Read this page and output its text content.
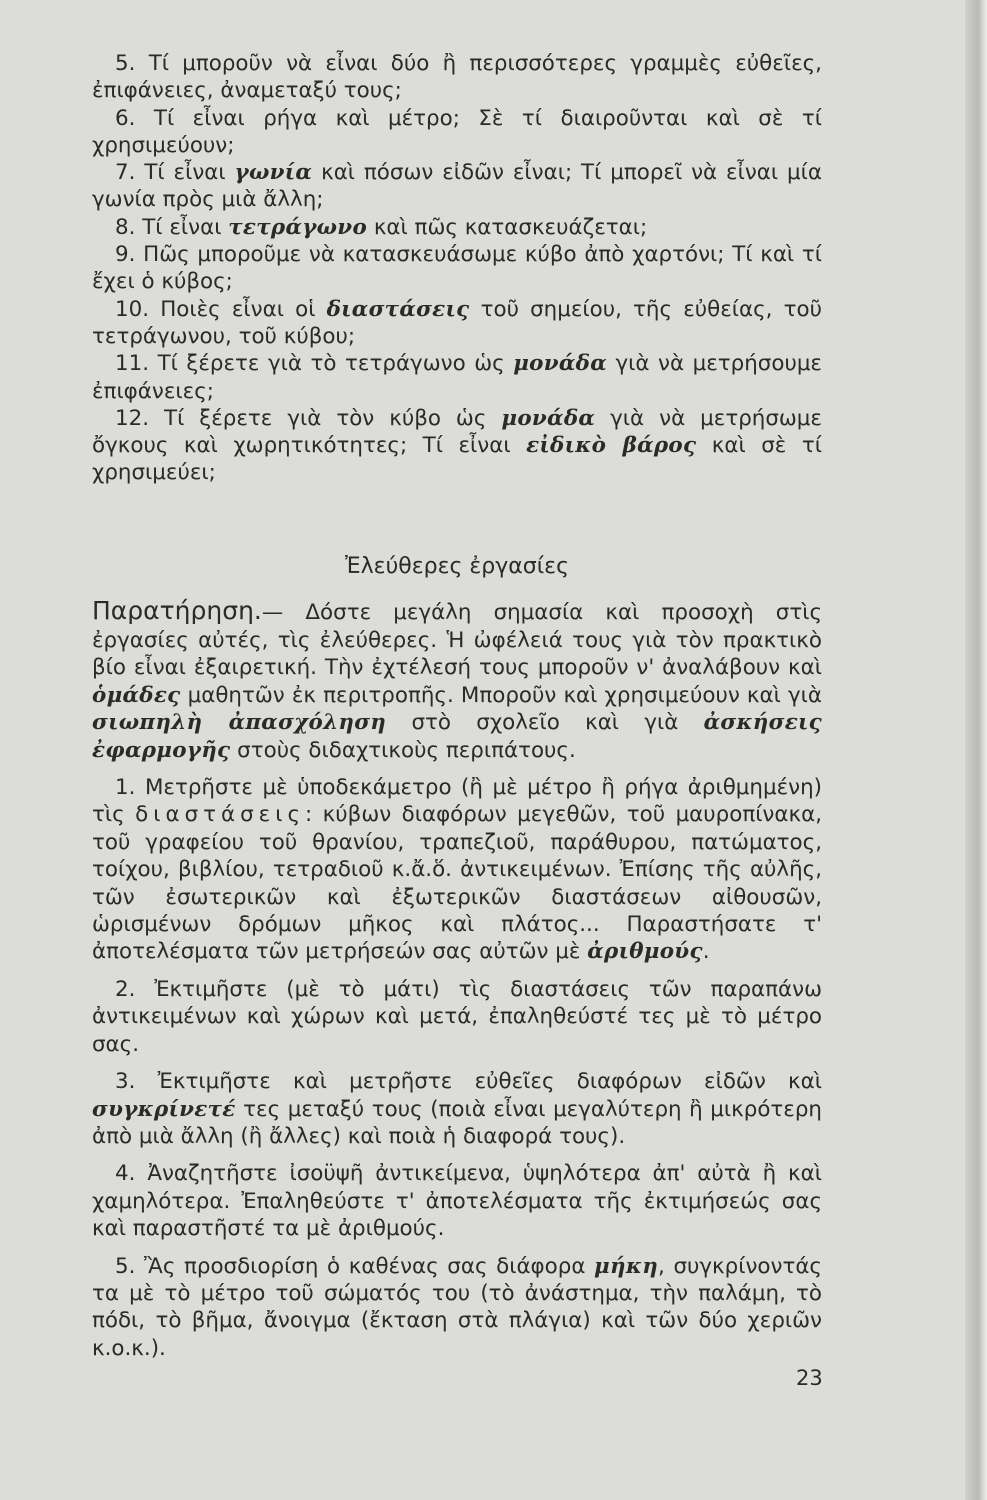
5. Τί μποροῦν νὰ εἶναι δύο ἢ περισσότερες γραμμὲς εὐθεῖες, ἐπιφάνειες, ἀναμεταξύ τους;

6. Τί εἶναι ρήγα καὶ μέτρο; Σὲ τί διαιροῦνται καὶ σὲ τί χρησιμεύουν;

7. Τί εἶναι γωνία καὶ πόσων εἰδῶν εἶναι; Τί μπορεῖ νὰ εἶναι μία γωνία πρὸς μιὰ ἄλλη;

8. Τί εἶναι τετράγωνο καὶ πῶς κατασκευάζεται;

9. Πῶς μποροῦμε νὰ κατασκευάσωμε κύβο ἀπὸ χαρτόνι; Τί καὶ τί ἔχει ὁ κύβος;

10. Ποιὲς εἶναι οἱ διαστάσεις τοῦ σημείου, τῆς εὐθείας, τοῦ τετράγωνου, τοῦ κύβου;

11. Τί ξέρετε γιὰ τὸ τετράγωνο ὡς μονάδα γιὰ νὰ μετρήσουμε ἐπιφάνειες;

12. Τί ξέρετε γιὰ τὸν κύβο ὡς μονάδα γιὰ νὰ μετρήσωμε ὄγκους καὶ χωρητικότητες; Τί εἶναι εἰδικὸ βάρος καὶ σὲ τί χρησιμεύει;

Ἐλεύθερες ἐργασίες

Παρατήρηση.— Δόστε μεγάλη σημασία καὶ προσοχὴ στὶς ἐργασίες αὐτές, τὶς ἐλεύθερες. Ἡ ὠφέλειά τους γιὰ τὸν πρακτικὸ βίο εἶναι ἐξαιρετική. Τὴν ἐχτέλεσή τους μποροῦν ν' ἀναλάβουν καὶ ὁμάδες μαθητῶν ἐκ περιτροπῆς. Μποροῦν καὶ χρησιμεύουν καὶ γιὰ σιωπηλὴ ἀπασχόληση στὸ σχολεῖο καὶ γιὰ ἀσκήσεις ἐφαρμογῆς στοὺς διδαχτικοὺς περιπάτους.

1. Μετρῆστε μὲ ὑποδεκάμετρο (ἢ μὲ μέτρο ἢ ρήγα ἀριθμημένη) τὶς διαστάσεις: κύβων διαφόρων μεγεθῶν, τοῦ μαυροπίνακα, τοῦ γραφείου τοῦ θρανίου, τραπεζιοῦ, παράθυρου, πατώματος, τοίχου, βιβλίου, τετραδιοῦ κ.ἄ.ὅ. ἀντικειμένων. Ἐπίσης τῆς αὐλῆς, τῶν ἐσωτερικῶν καὶ ἐξωτερικῶν διαστάσεων αἰθουσῶν, ὡρισμένων δρόμων μῆκος καὶ πλάτος... Παραστήσατε τ' ἀποτελέσματα τῶν μετρήσεών σας αὐτῶν μὲ ἀριθμούς.

2. Ἐκτιμῆστε (μὲ τὸ μάτι) τὶς διαστάσεις τῶν παραπάνω ἀντικειμένων καὶ χώρων καὶ μετά, ἐπαληθεύστέ τες μὲ τὸ μέτρο σας.

3. Ἐκτιμῆστε καὶ μετρῆστε εὐθεῖες διαφόρων εἰδῶν καὶ συγκρίνετέ τες μεταξύ τους (ποιὰ εἶναι μεγαλύτερη ἢ μικρότερη ἀπὸ μιὰ ἄλλη (ἢ ἄλλες) καὶ ποιὰ ἡ διαφορά τους).

4. Ἀναζητῆστε ἰσοϋψῆ ἀντικείμενα, ὑψηλότερα ἀπ' αὐτὰ ἢ καὶ χαμηλότερα. Ἐπαληθεύστε τ' ἀποτελέσματα τῆς ἐκτιμήσεώς σας καὶ παραστῆστέ τα μὲ ἀριθμούς.

5. Ἂς προσδιορίση ὁ καθένας σας διάφορα μήκη, συγκρίνοντάς τα μὲ τὸ μέτρο τοῦ σώματός του (τὸ ἀνάστημα, τὴν παλάμη, τὸ πόδι, τὸ βῆμα, ἄνοιγμα (ἔκταση στὰ πλάγια) καὶ τῶν δύο χεριῶν κ.ο.κ.).

23
